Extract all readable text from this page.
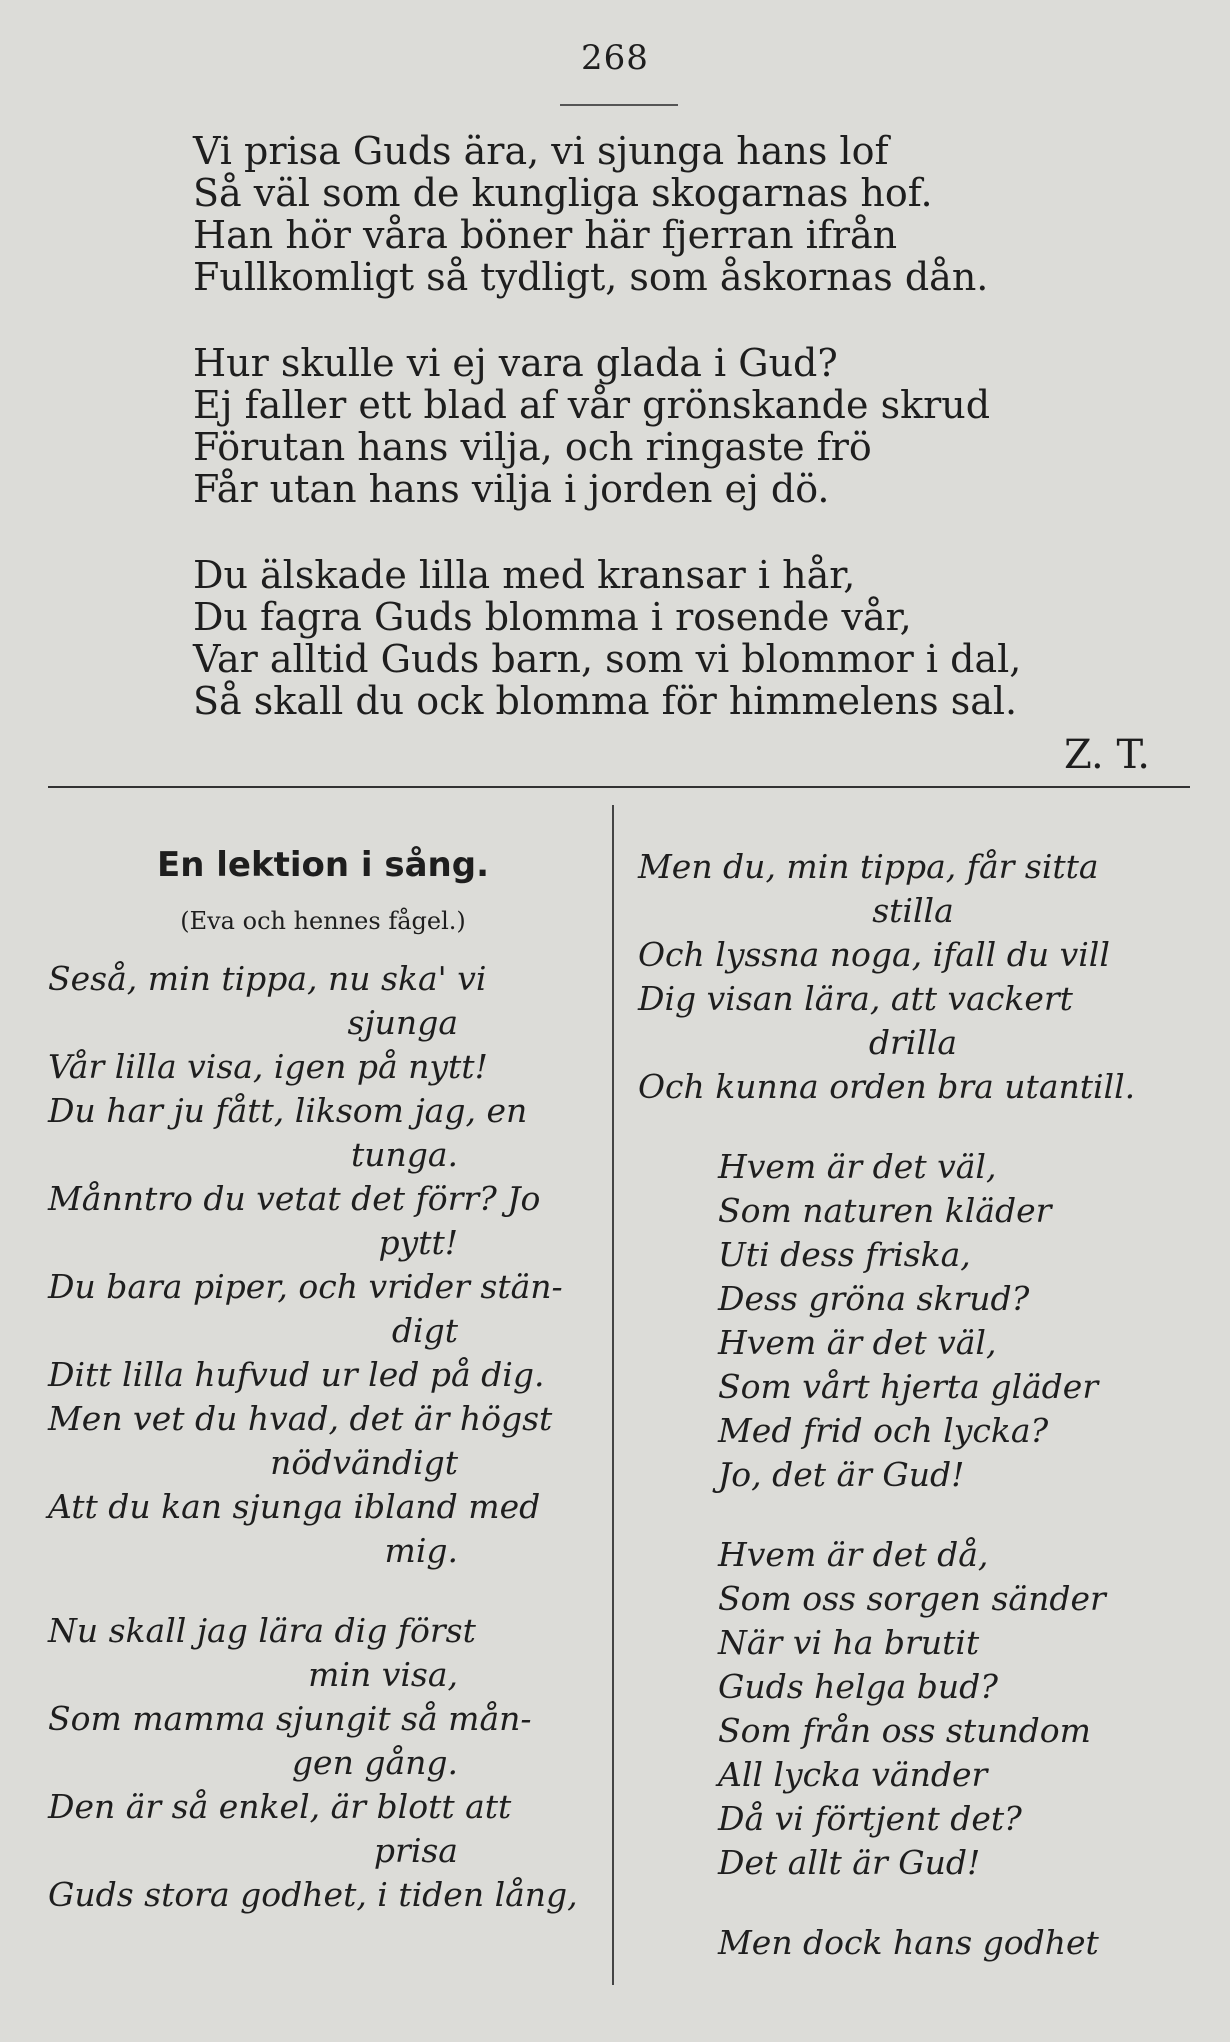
268
Vi prisa Guds ära, vi sjunga hans lof
Så väl som de kungliga skogarnas hof.
Han hör våra böner här fjerran ifrån
Fullkomligt så tydligt, som åskornas dån.
Hur skulle vi ej vara glada i Gud?
Ej faller ett blad af vår grönskande skrud
Förutan hans vilja, och ringaste frö
Får utan hans vilja i jorden ej dö.
Du älskade lilla med kransar i hår,
Du fagra Guds blomma i rosende vår,
Var alltid Guds barn, som vi blommor i dal,
Så skall du ock blomma för himmelens sal.
Z. T.
En lektion i sång.
(Eva och hennes fågel.)
Seså, min tippa, nu ska' vi
sjunga
Vår lilla visa, igen på nytt!
Du har ju fått, liksom jag, en
tunga.
Månntro du vetat det förr? Jo
pytt!
Du bara piper, och vrider stän-
digt
Ditt lilla hufvud ur led på dig.
Men vet du hvad, det är högst
nödvändigt
Att du kan sjunga ibland med
mig.
Nu skall jag lära dig först
min visa,
Som mamma sjungit så mån-
gen gång.
Den är så enkel, är blott att
prisa
Guds stora godhet, i tiden lång,
Men du, min tippa, får sitta
stilla
Och lyssna noga, ifall du vill
Dig visan lära, att vackert
drilla
Och kunna orden bra utantill.
Hvem är det väl,
Som naturen kläder
Uti dess friska,
Dess gröna skrud?
Hvem är det väl,
Som vårt hjerta gläder
Med frid och lycka?
Jo, det är Gud!
Hvem är det då,
Som oss sorgen sänder
När vi ha brutit
Guds helga bud?
Som från oss stundom
All lycka vänder
Då vi förtjent det?
Det allt är Gud!
Men dock hans godhet
